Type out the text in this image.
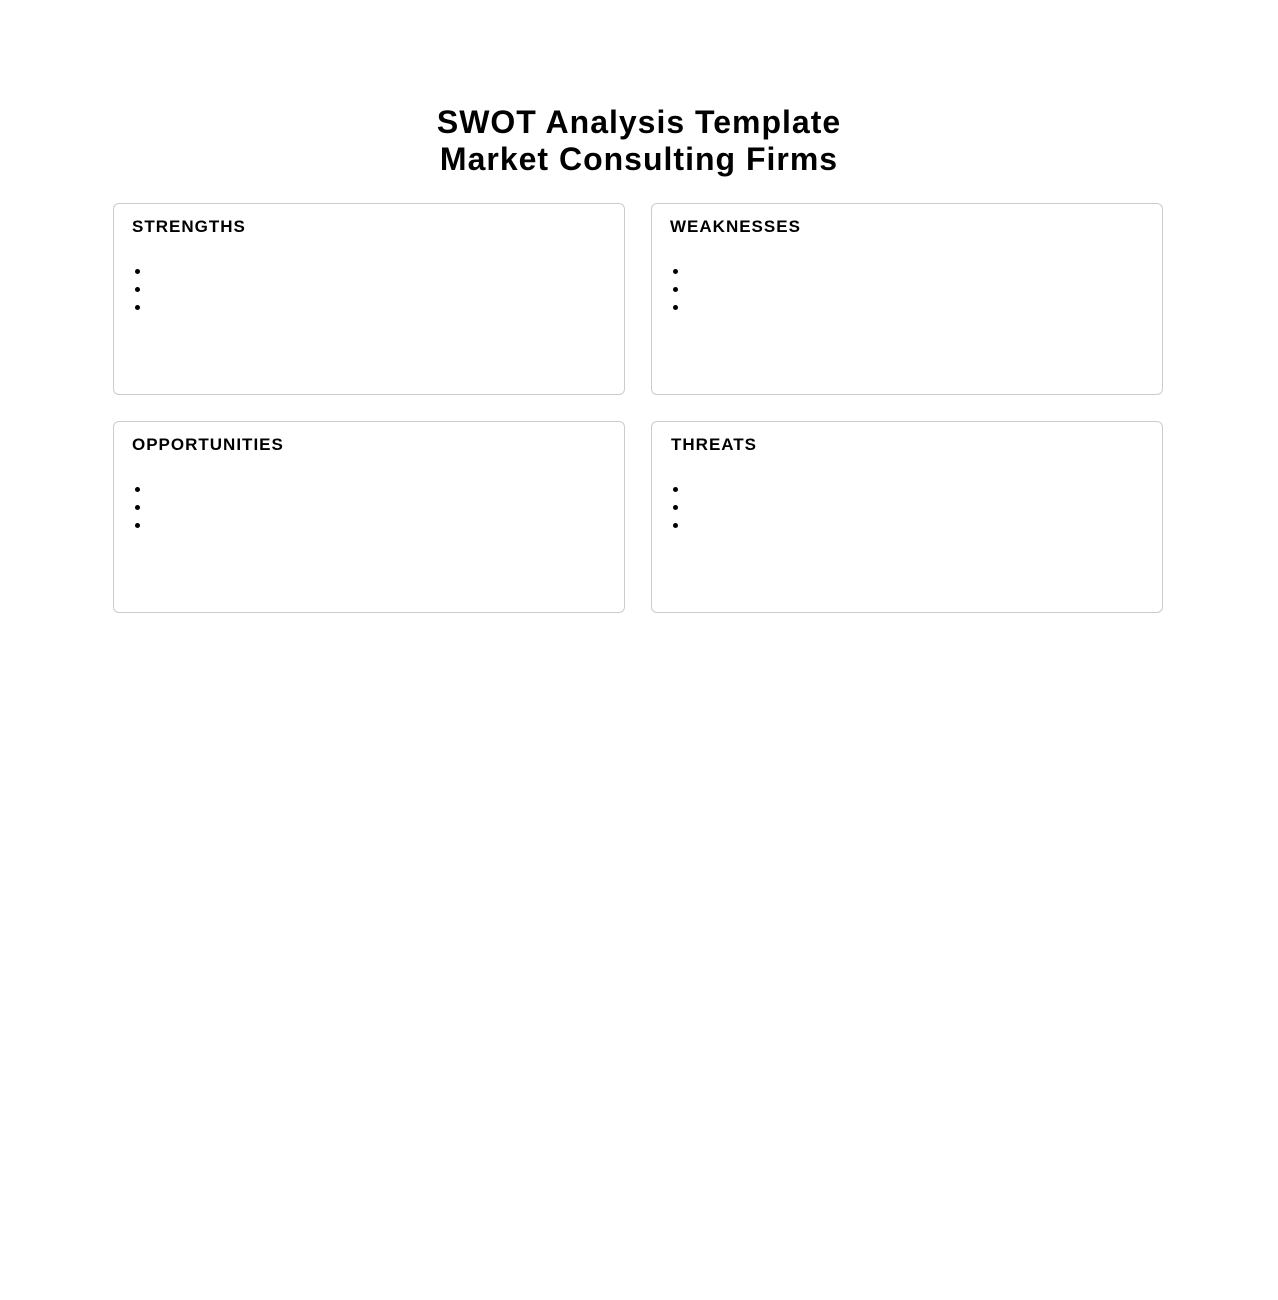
SWOT Analysis Template
Market Consulting Firms
STRENGTHS	WEAKNESSES
OPPORTUNITIES	THREATS
